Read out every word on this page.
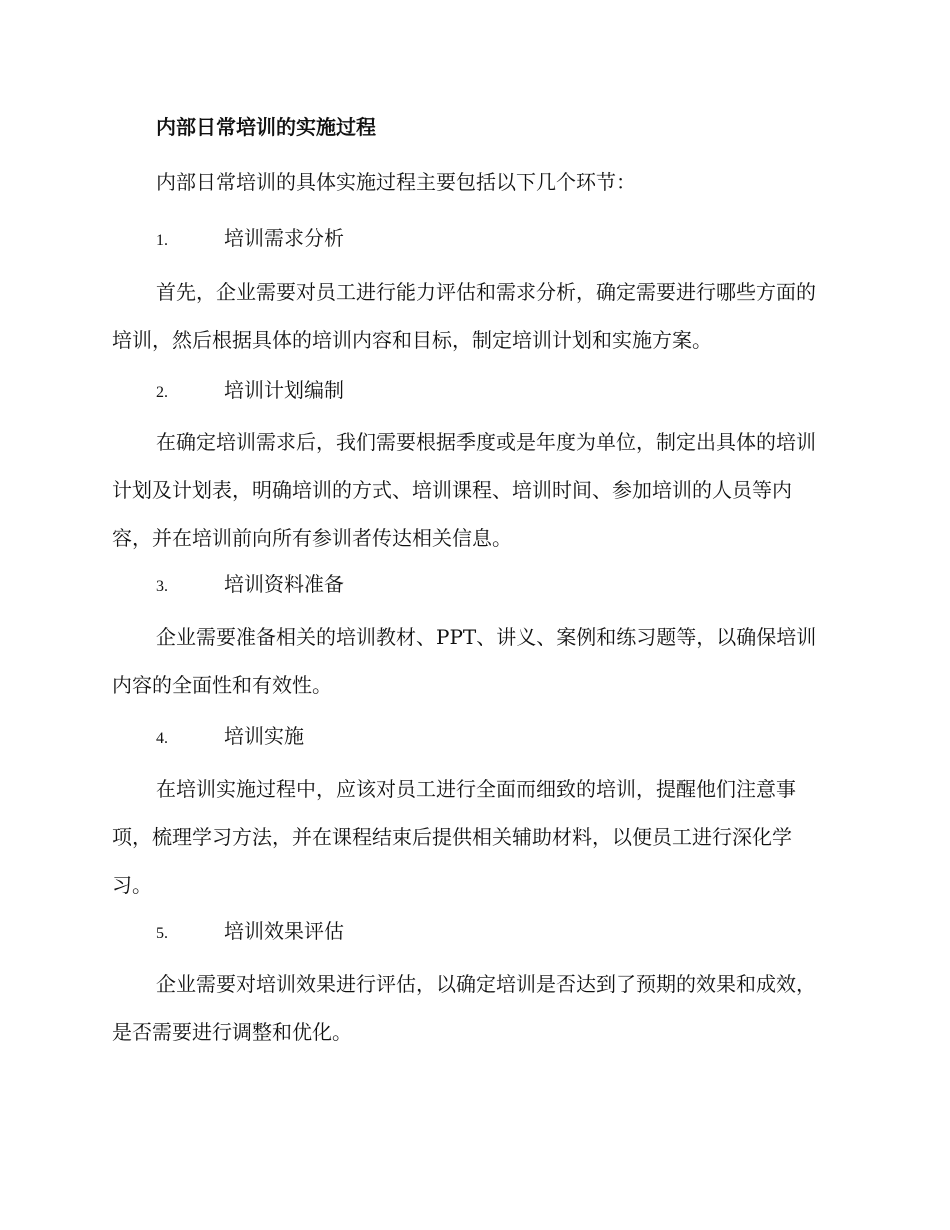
内部日常培训的实施过程

内部日常培训的具体实施过程主要包括以下几个环节：

1.	培训需求分析

首先，企业需要对员工进行能力评估和需求分析，确定需要进行哪些方面的培训，然后根据具体的培训内容和目标，制定培训计划和实施方案。

2.	培训计划编制

在确定培训需求后，我们需要根据季度或是年度为单位，制定出具体的培训计划及计划表，明确培训的方式、培训课程、培训时间、参加培训的人员等内容，并在培训前向所有参训者传达相关信息。

3.	培训资料准备

企业需要准备相关的培训教材、PPT、讲义、案例和练习题等，以确保培训内容的全面性和有效性。

4.	培训实施

在培训实施过程中，应该对员工进行全面而细致的培训，提醒他们注意事项，梳理学习方法，并在课程结束后提供相关辅助材料，以便员工进行深化学习。

5.	培训效果评估

企业需要对培训效果进行评估，以确定培训是否达到了预期的效果和成效，是否需要进行调整和优化。
